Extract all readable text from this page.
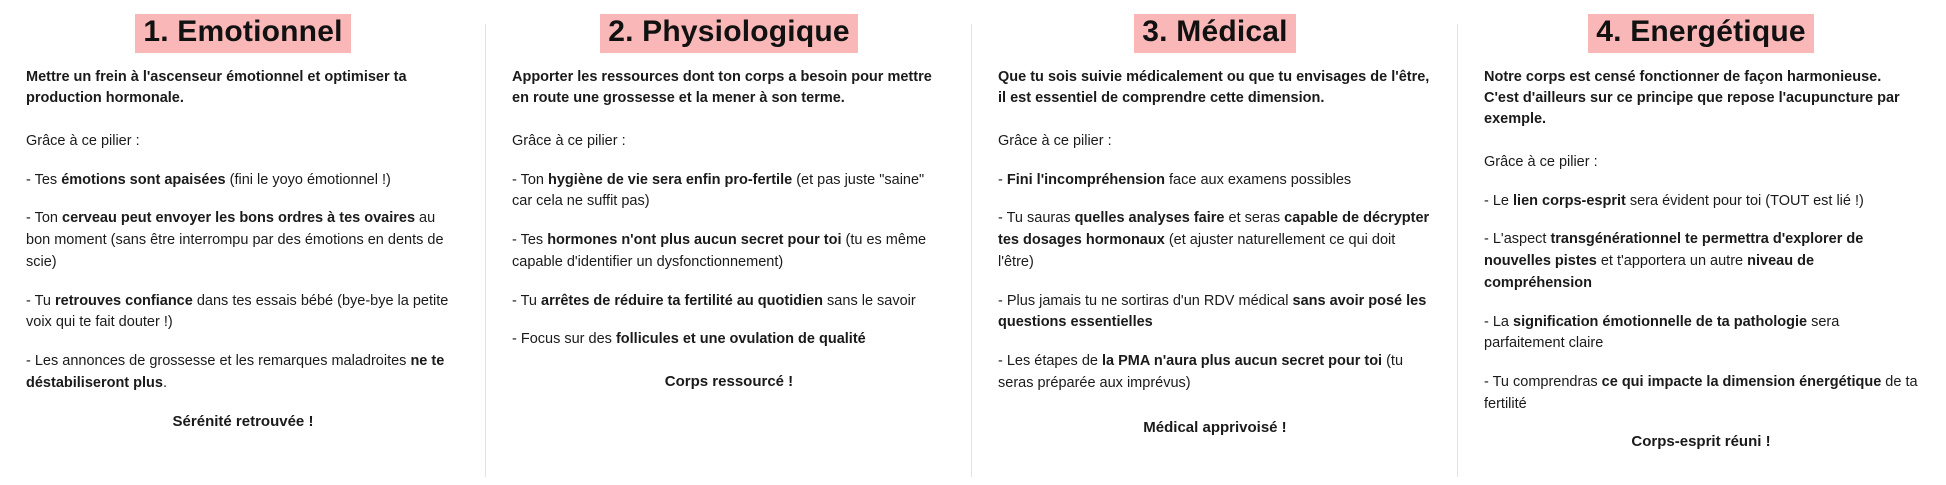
1. Emotionnel

Mettre un frein à l'ascenseur émotionnel et optimiser ta production hormonale.

Grâce à ce pilier :

- Tes émotions sont apaisées (fini le yoyo émotionnel !)

- Ton cerveau peut envoyer les bons ordres à tes ovaires au bon moment (sans être interrompu par des émotions en dents de scie)

- Tu retrouves confiance dans tes essais bébé (bye-bye la petite voix qui te fait douter !)

- Les annonces de grossesse et les remarques maladroites ne te déstabiliseront plus.

Sérénité retrouvée !

2. Physiologique

Apporter les ressources dont ton corps a besoin pour mettre en route une grossesse et la mener à son terme.

Grâce à ce pilier :

- Ton hygiène de vie sera enfin pro-fertile (et pas juste "saine" car cela ne suffit pas)

- Tes hormones n'ont plus aucun secret pour toi (tu es même capable d'identifier un dysfonctionnement)

- Tu arrêtes de réduire ta fertilité au quotidien sans le savoir

- Focus sur des follicules et une ovulation de qualité

Corps ressourcé !

3. Médical

Que tu sois suivie médicalement ou que tu envisages de l'être, il est essentiel de comprendre cette dimension.

Grâce à ce pilier :

- Fini l'incompréhension face aux examens possibles

- Tu sauras quelles analyses faire et seras capable de décrypter tes dosages hormonaux (et ajuster naturellement ce qui doit l'être)

- Plus jamais tu ne sortiras d'un RDV médical sans avoir posé les questions essentielles

- Les étapes de la PMA n'aura plus aucun secret pour toi (tu seras préparée aux imprévus)

Médical apprivoisé !

4. Energétique

Notre corps est censé fonctionner de façon harmonieuse. C'est d'ailleurs sur ce principe que repose l'acupuncture par exemple.

Grâce à ce pilier :

- Le lien corps-esprit sera évident pour toi (TOUT est lié !)

- L'aspect transgénérationnel te permettra d'explorer de nouvelles pistes et t'apportera un autre niveau de compréhension

- La signification émotionnelle de ta pathologie sera parfaitement claire

- Tu comprendras ce qui impacte la dimension énergétique de ta fertilité

Corps-esprit réuni !
